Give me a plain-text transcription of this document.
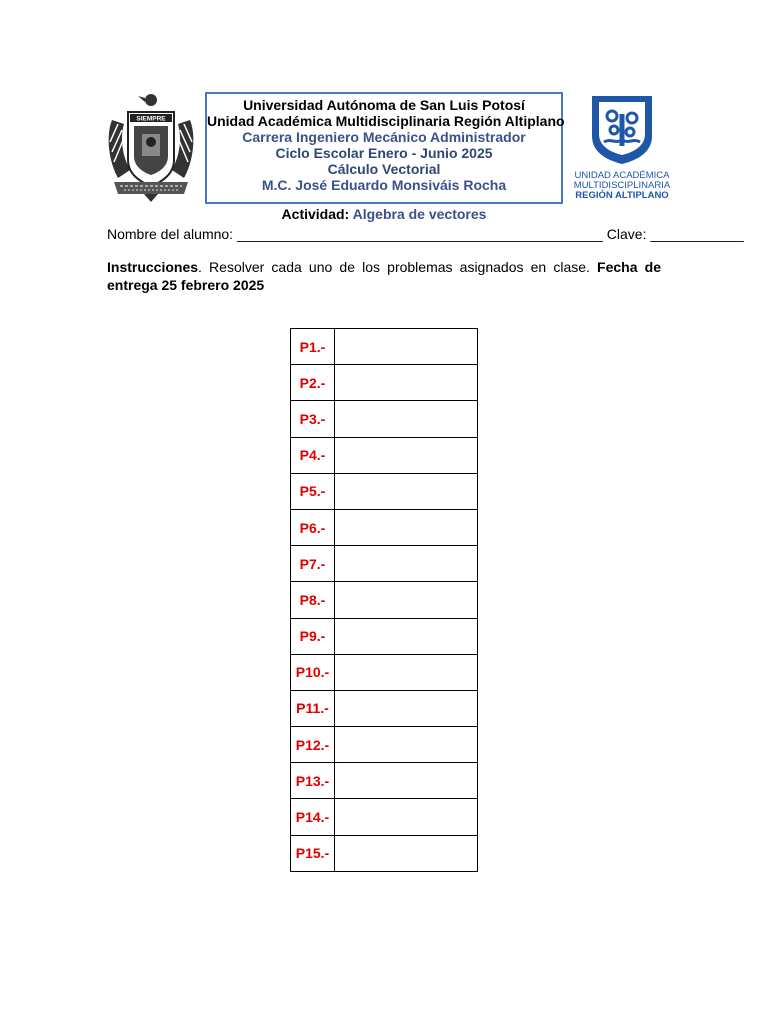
SIEMPRE
Universidad Autónoma de San Luis Potosí
Unidad Académica Multidisciplinaria Región Altiplano
Carrera Ingeniero Mecánico Administrador
Ciclo Escolar Enero - Junio 2025
Cálculo Vectorial
M.C. José Eduardo Monsiváis Rocha
UNIDAD ACADÉMICA
MULTIDISCIPLINARIA
REGIÓN ALTIPLANO
Actividad: Algebra de vectores
Nombre del alumno: _______________________________________________ Clave: ____________
Instrucciones. Resolver cada uno de los problemas asignados en clase. Fecha de entrega 25 febrero 2025
P1.-	
P2.-	
P3.-	
P4.-	
P5.-	
P6.-	
P7.-	
P8.-	
P9.-	
P10.-	
P11.-	
P12.-	
P13.-	
P14.-	
P15.-	
